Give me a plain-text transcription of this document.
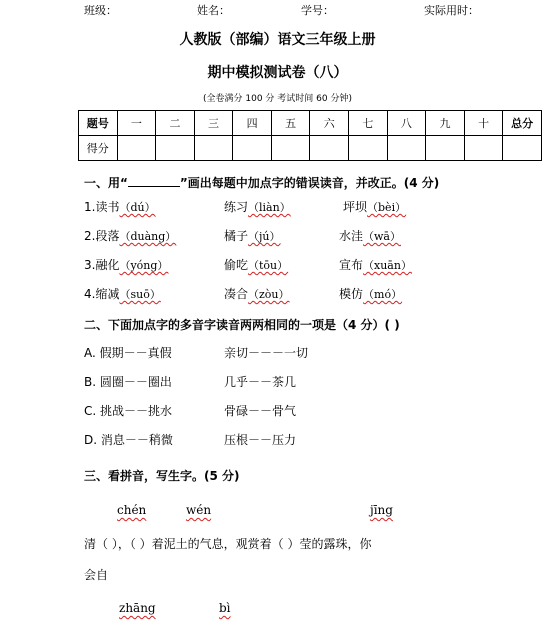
班级：	姓名：	学号：	实际用时：
人教版（部编）语文三年级上册
期中模拟测试卷（八）
(全卷满分 100 分 考试时间 60 分钟)
题号	一	二	三	四	五	六	七	八	九	十	总分
得分											
一、用“	”画出每题中加点字的错误读音，并改正。(4 分)
1.读书（dú）	练习（liàn）	坪坝（bèi）
2.段落（duàng）	橘子（jú）	水洼（wā）
3.融化（yóng）	偷吃（tōu）	宣布（xuān）
4.缩减（suō）	凑合（zòu）	模仿（mó）
二、下面加点字的多音字读音两两相同的一项是（4 分）( )
A. 假期－－真假	亲切－－－一切
B. 圆圈－－圈出	几乎－－茶几
C. 挑战－－挑水	骨碌－－骨气
D. 消息－－稍微	压根－－压力
三、看拼音，写生字。(5 分)
chén	wén	jīng
清（ ），（ ）着泥土的气息，观赏着（ ）莹的露珠，你
会自
zhāng	bì
